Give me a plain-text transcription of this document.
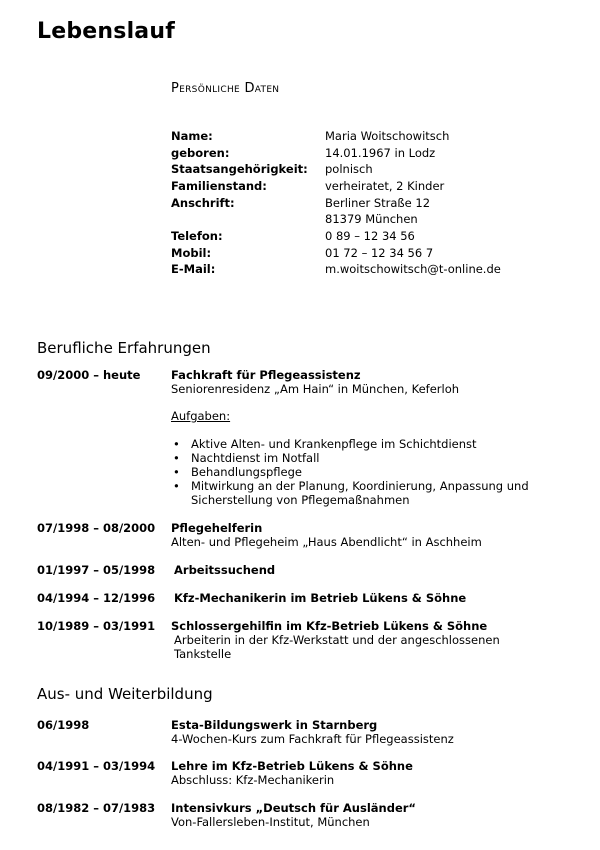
Lebenslauf
Persönliche Daten
Name:	Maria Woitschowitsch
geboren:	14.01.1967 in Lodz
Staatsangehörigkeit:	polnisch
Familienstand:	verheiratet, 2 Kinder
Anschrift:	Berliner Straße 12
81379 München
Telefon:	0 89 – 12 34 56
Mobil:	01 72 – 12 34 56 7
E-Mail:	m.woitschowitsch@t-online.de
Berufliche Erfahrungen
09/2000 – heute	Fachkraft für Pflegeassistenz
Seniorenresidenz „Am Hain“ in München, Keferloh
Aufgaben:
• Aktive Alten- und Krankenpflege im Schichtdienst
• Nachtdienst im Notfall
• Behandlungspflege
• Mitwirkung an der Planung, Koordinierung, Anpassung und
Sicherstellung von Pflegemaßnahmen
07/1998 – 08/2000 Pflegehelferin
Alten- und Pflegeheim „Haus Abendlicht“ in Aschheim
01/1997 – 05/1998 Arbeitssuchend
04/1994 – 12/1996 Kfz-Mechanikerin im Betrieb Lükens & Söhne
10/1989 – 03/1991 Schlossergehilfin im Kfz-Betrieb Lükens & Söhne
Arbeiterin in der Kfz-Werkstatt und der angeschlossenen
Tankstelle
Aus- und Weiterbildung
06/1998	Esta-Bildungswerk in Starnberg
4-Wochen-Kurs zum Fachkraft für Pflegeassistenz
04/1991 – 03/1994 Lehre im Kfz-Betrieb Lükens & Söhne
Abschluss: Kfz-Mechanikerin
08/1982 – 07/1983 Intensivkurs „Deutsch für Ausländer“
Von-Fallersleben-Institut, München
